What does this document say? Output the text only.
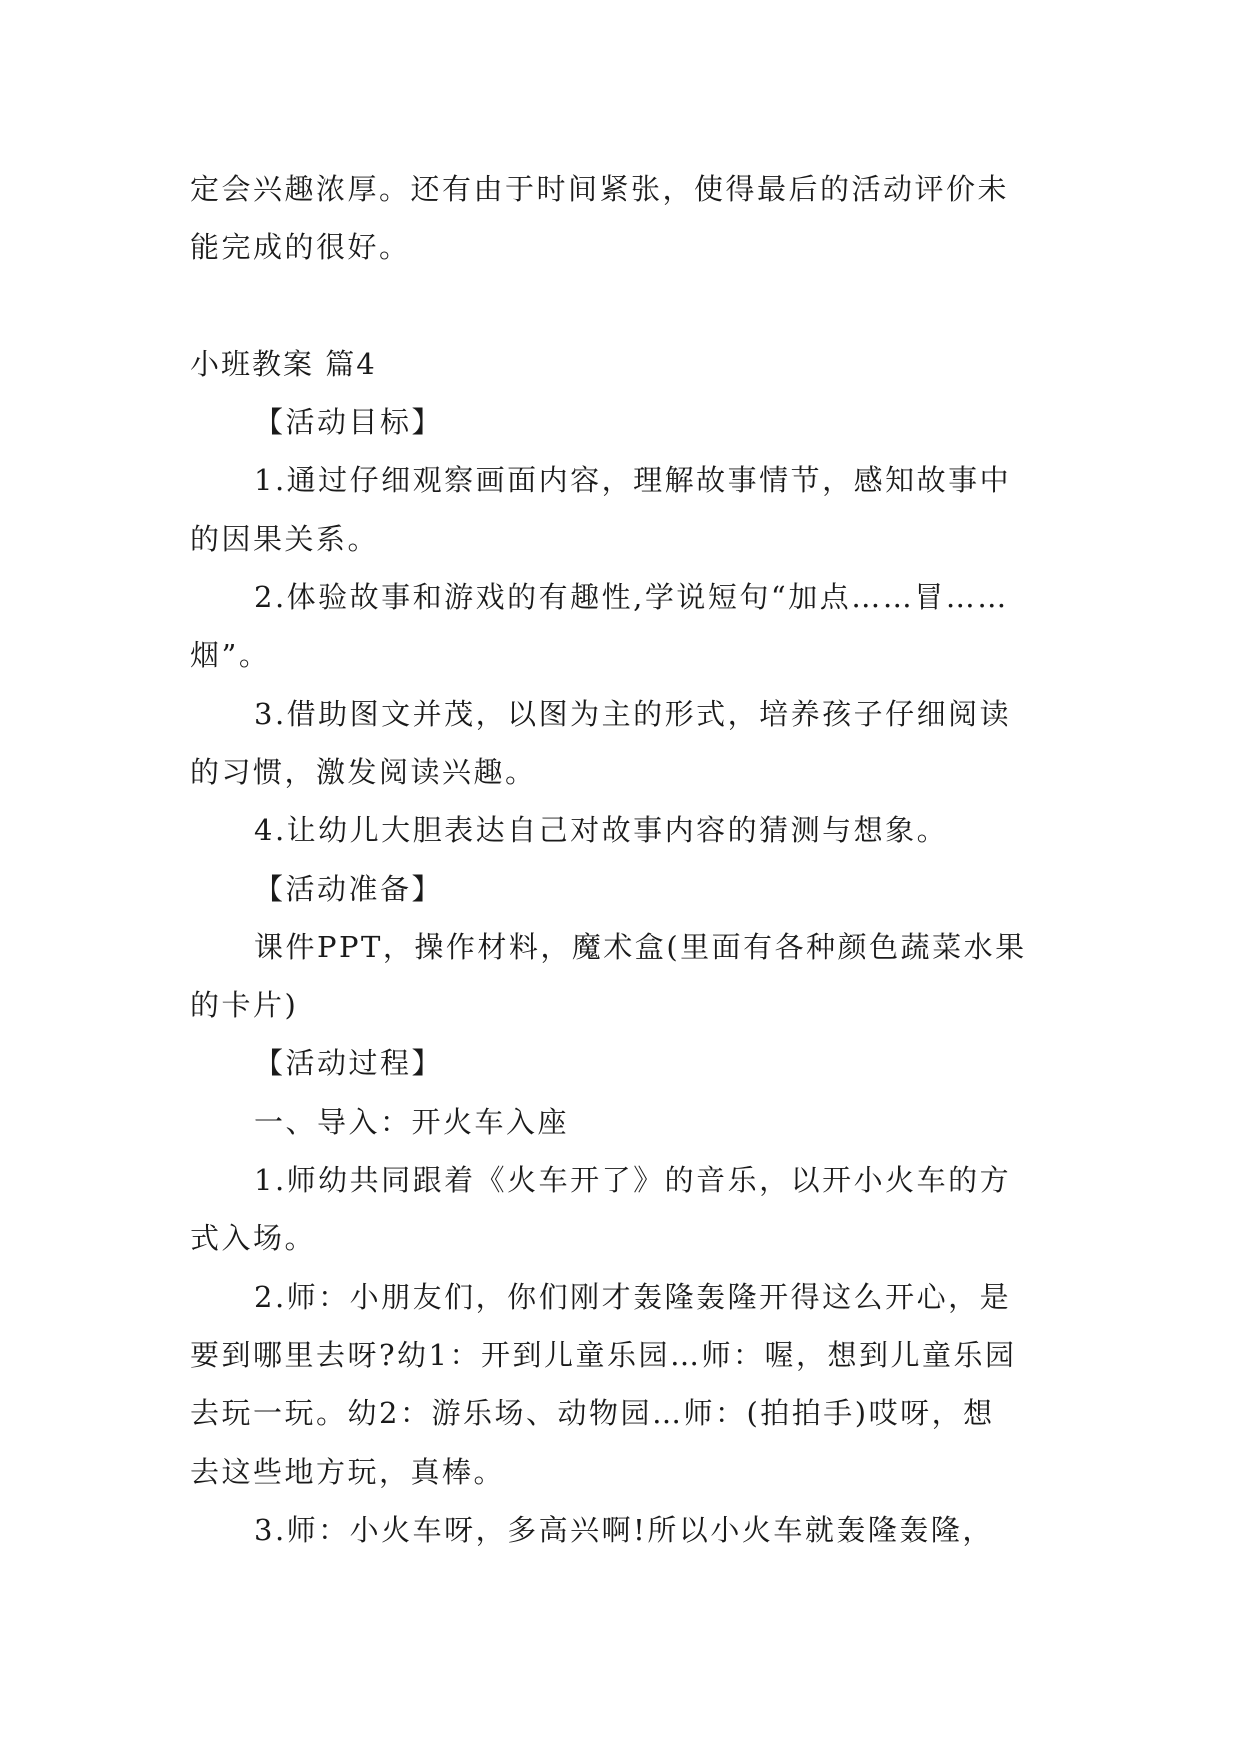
定会兴趣浓厚。还有由于时间紧张，使得最后的活动评价未
能完成的很好。
小班教案 篇4
【活动目标】
1.通过仔细观察画面内容，理解故事情节，感知故事中
的因果关系。
2.体验故事和游戏的有趣性,学说短句“加点……冒……
烟”。
3.借助图文并茂，以图为主的形式，培养孩子仔细阅读
的习惯，激发阅读兴趣。
4.让幼儿大胆表达自己对故事内容的猜测与想象。
【活动准备】
课件PPT，操作材料，魔术盒(里面有各种颜色蔬菜水果
的卡片)
【活动过程】
一、导入：开火车入座
1.师幼共同跟着《火车开了》的音乐，以开小火车的方
式入场。
2.师：小朋友们，你们刚才轰隆轰隆开得这么开心，是
要到哪里去呀?幼1：开到儿童乐园…师：喔，想到儿童乐园
去玩一玩。幼2：游乐场、动物园…师：(拍拍手)哎呀，想
去这些地方玩，真棒。
3.师：小火车呀，多高兴啊!所以小火车就轰隆轰隆，
